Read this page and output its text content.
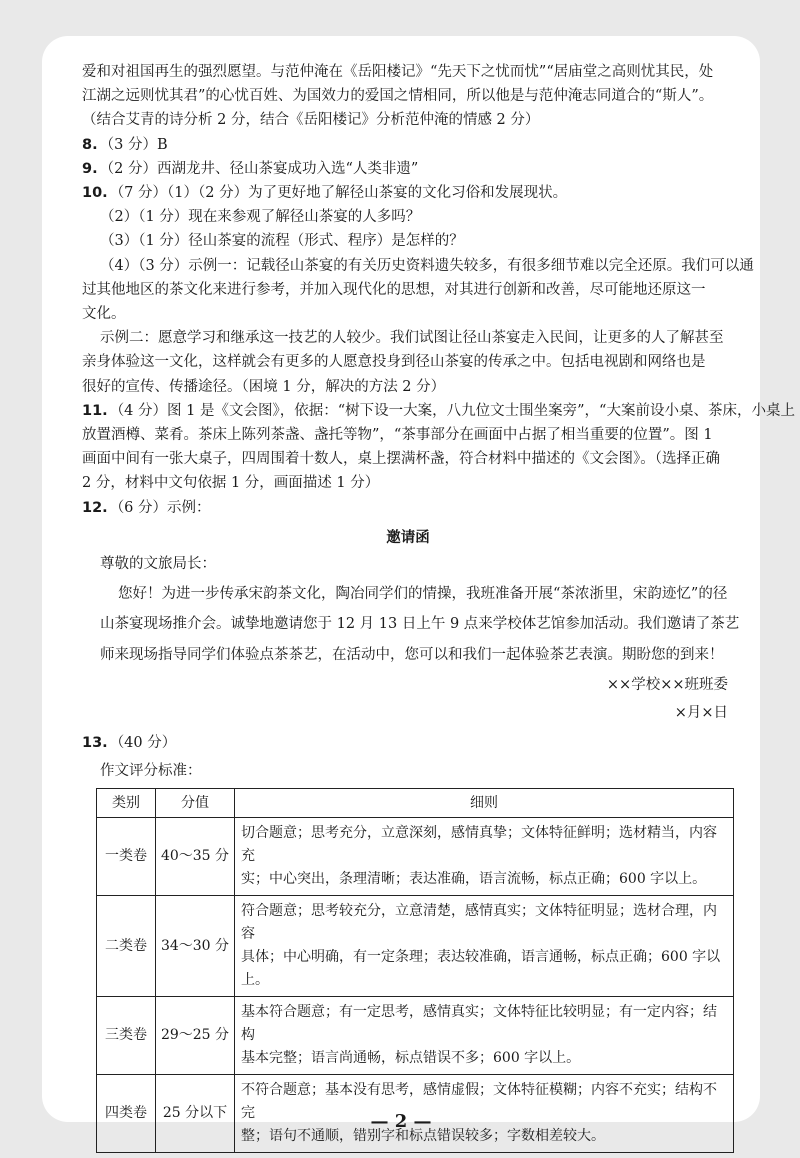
爱和对祖国再生的强烈愿望。与范仲淹在《岳阳楼记》“先天下之忧而忧”“居庙堂之高则忧其民，处
江湖之远则忧其君”的心忧百姓、为国效力的爱国之情相同，所以他是与范仲淹志同道合的“斯人”。
（结合艾青的诗分析 2 分，结合《岳阳楼记》分析范仲淹的情感 2 分）
8. （3 分）B
9. （2 分）西湖龙井、径山茶宴成功入选“人类非遗”
10. （7 分）（1）（2 分）为了更好地了解径山茶宴的文化习俗和发展现状。
（2）（1 分）现在来参观了解径山茶宴的人多吗？
（3）（1 分）径山茶宴的流程（形式、程序）是怎样的？
（4）（3 分）示例一：记载径山茶宴的有关历史资料遗失较多，有很多细节难以完全还原。我们可以通
过其他地区的茶文化来进行参考，并加入现代化的思想，对其进行创新和改善，尽可能地还原这一
文化。
示例二：愿意学习和继承这一技艺的人较少。我们试图让径山茶宴走入民间，让更多的人了解甚至
亲身体验这一文化，这样就会有更多的人愿意投身到径山茶宴的传承之中。包括电视剧和网络也是
很好的宣传、传播途径。（困境 1 分，解决的方法 2 分）
11. （4 分）图 1 是《文会图》，依据：“树下设一大案，八九位文士围坐案旁”，“大案前设小桌、茶床，小桌上
放置酒樽、菜肴。茶床上陈列茶盏、盏托等物”，“茶事部分在画面中占据了相当重要的位置”。图 1
画面中间有一张大桌子，四周围着十数人，桌上摆满杯盏，符合材料中描述的《文会图》。（选择正确
2 分，材料中文句依据 1 分，画面描述 1 分）
12. （6 分）示例：
邀请函
尊敬的文旅局长：
您好！为进一步传承宋韵茶文化，陶冶同学们的情操，我班准备开展“茶浓浙里，宋韵迹忆”的径
山茶宴现场推介会。诚挚地邀请您于 12 月 13 日上午 9 点来学校体艺馆参加活动。我们邀请了茶艺
师来现场指导同学们体验点茶茶艺，在活动中，您可以和我们一起体验茶艺表演。期盼您的到来！
××学校××班班委
×月×日
13. （40 分）
作文评分标准：
类别	分值	细则
一类卷	40～35 分	切合题意；思考充分，立意深刻，感情真挚；文体特征鲜明；选材精当，内容充
实；中心突出，条理清晰；表达准确，语言流畅，标点正确；600 字以上。

二类卷	34～30 分	符合题意；思考较充分，立意清楚，感情真实；文体特征明显；选材合理，内容
具体；中心明确，有一定条理；表达较准确，语言通畅，标点正确；600 字以上。

三类卷	29～25 分	基本符合题意；有一定思考，感情真实；文体特征比较明显；有一定内容；结构
基本完整；语言尚通畅，标点错误不多；600 字以上。

四类卷	25 分以下	不符合题意；基本没有思考，感情虚假；文体特征模糊；内容不充实；结构不完
整；语句不通顺，错别字和标点错误较多；字数相差较大。
— 2 —
